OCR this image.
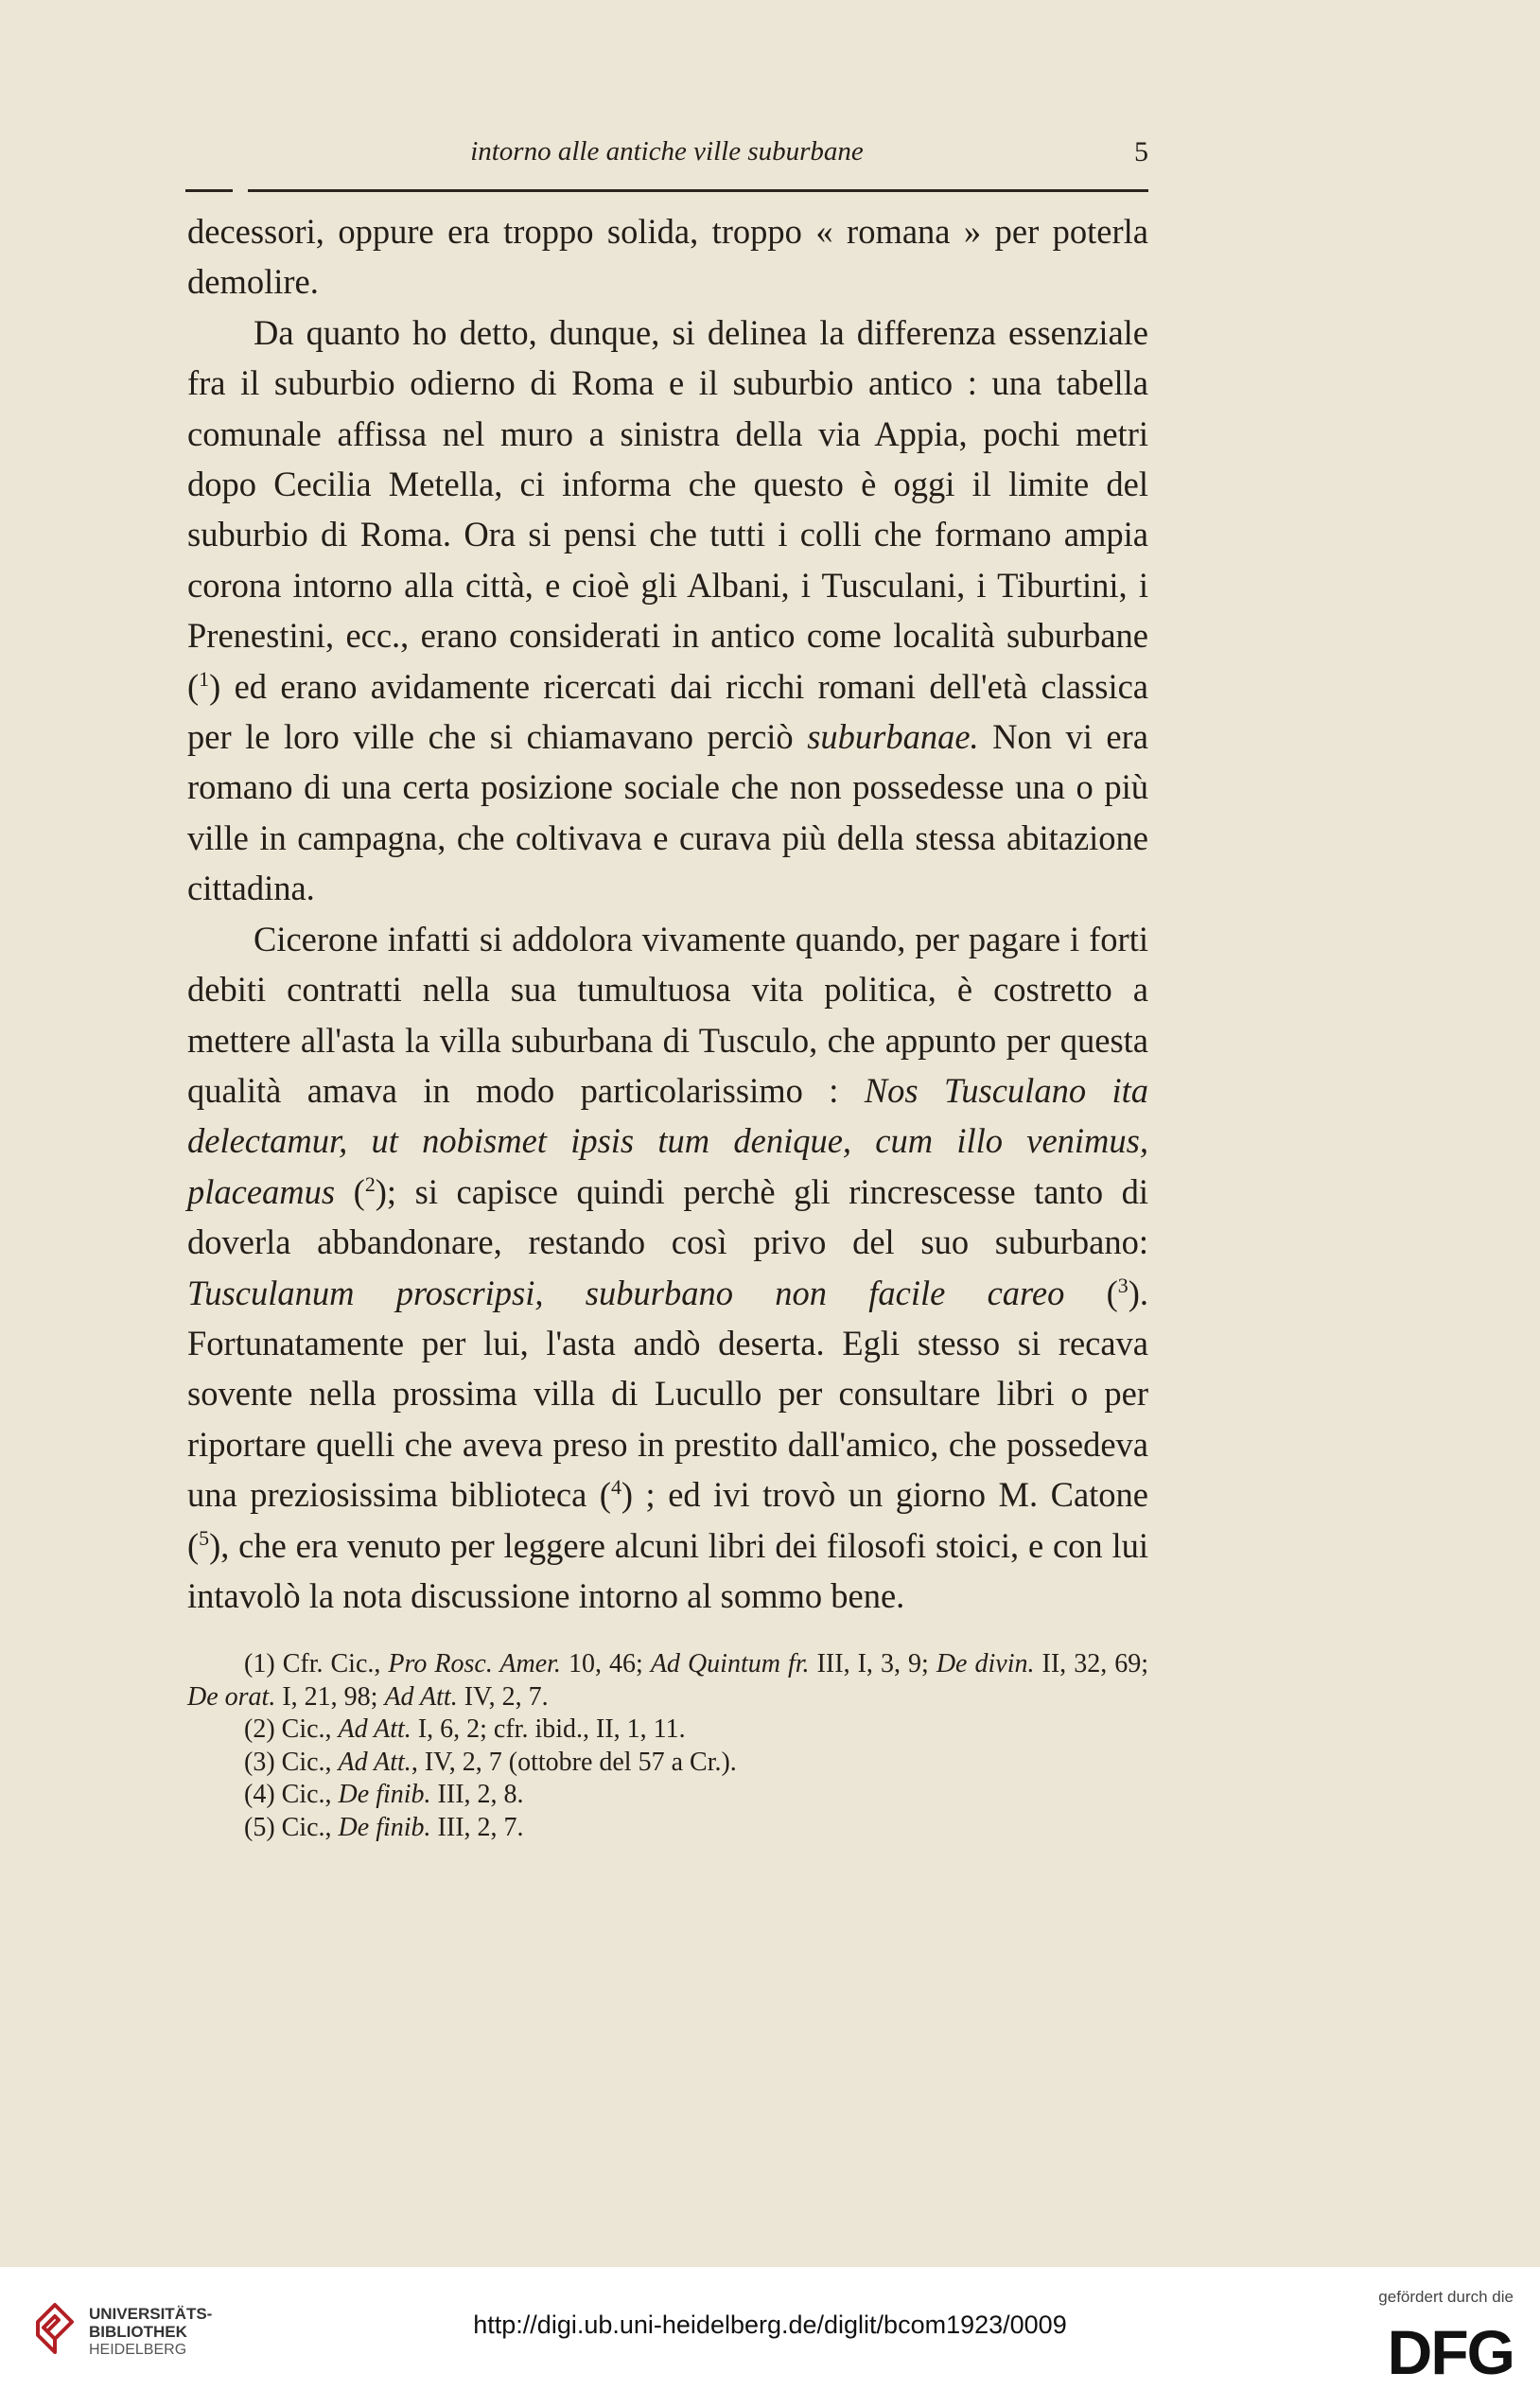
intorno alle antiche ville suburbane	5

decessori, oppure era troppo solida, troppo « romana » per poterla demolire.

Da quanto ho detto, dunque, si delinea la differenza essenziale fra il suburbio odierno di Roma e il suburbio antico : una tabella comunale affissa nel muro a sinistra della via Appia, pochi metri dopo Cecilia Metella, ci informa che questo è oggi il limite del suburbio di Roma. Ora si pensi che tutti i colli che formano ampia corona intorno alla città, e cioè gli Albani, i Tusculani, i Tiburtini, i Prenestini, ecc., erano considerati in antico come località suburbane ($^1$) ed erano avidamente ricercati dai ricchi romani dell'età classica per le loro ville che si chiamavano perciò suburbanae. Non vi era romano di una certa posizione sociale che non possedesse una o più ville in campagna, che coltivava e curava più della stessa abitazione cittadina.

Cicerone infatti si addolora vivamente quando, per pagare i forti debiti contratti nella sua tumultuosa vita politica, è costretto a mettere all'asta la villa suburbana di Tusculo, che appunto per questa qualità amava in modo particolarissimo : Nos Tusculano ita delectamur, ut nobismet ipsis tum denique, cum illo venimus, placeamus ($^2$); si capisce quindi perchè gli rincrescesse tanto di doverla abbandonare, restando così privo del suo suburbano: Tusculanum proscripsi, suburbano non facile careo ($^3$). Fortunatamente per lui, l'asta andò deserta. Egli stesso si recava sovente nella prossima villa di Lucullo per consultare libri o per riportare quelli che aveva preso in prestito dall'amico, che possedeva una preziosissima biblioteca ($^4$) ; ed ivi trovò un giorno M. Catone ($^5$), che era venuto per leggere alcuni libri dei filosofi stoici, e con lui intavolò la nota discussione intorno al sommo bene.

(1) Cfr. Cic., Pro Rosc. Amer. 10, 46; Ad Quintum fr. III, I, 3, 9; De divin. II, 32, 69; De orat. I, 21, 98; Ad Att. IV, 2, 7.

(2) Cic., Ad Att. I, 6, 2; cfr. ibid., II, 1, 11.

(3) Cic., Ad Att., IV, 2, 7 (ottobre del 57 a Cr.).

(4) Cic., De finib. III, 2, 8.

(5) Cic., De finib. III, 2, 7.

UNIVERSITÄTS-
BIBLIOTHEK
HEIDELBERG
http://digi.ub.uni-heidelberg.de/diglit/bcom1923/0009
gefördert durch die
DFG
